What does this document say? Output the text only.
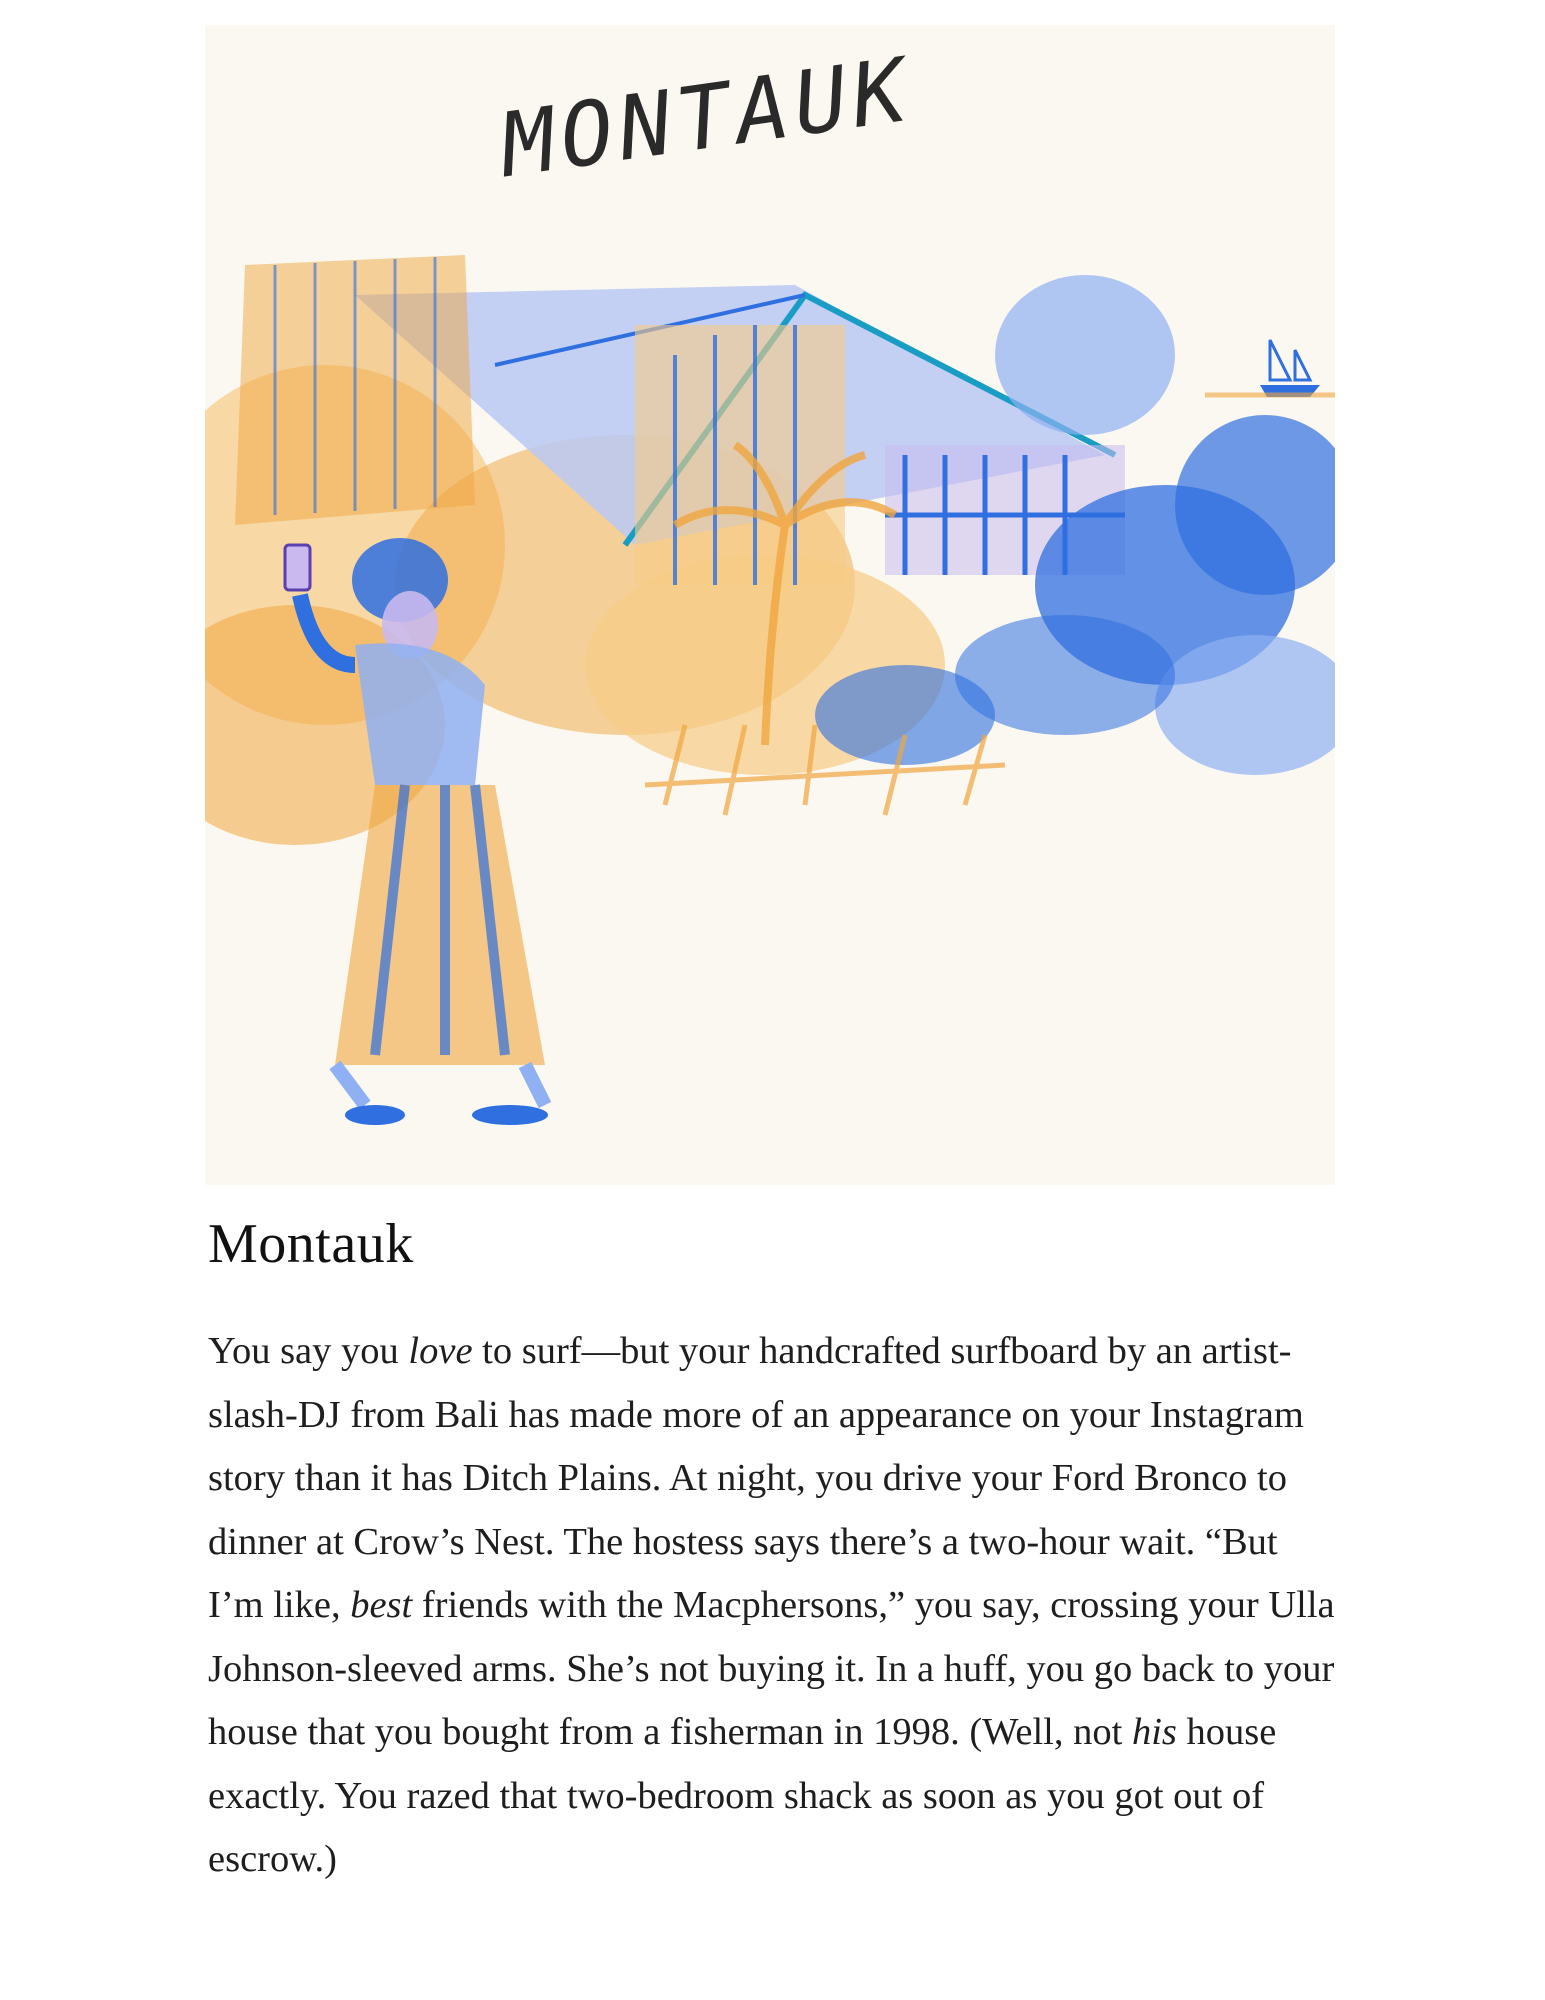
MONTAUK
Montauk

You say you love to surf—but your handcrafted surfboard by an artist-slash-DJ from Bali has made more of an appearance on your Instagram story than it has Ditch Plains. At night, you drive your Ford Bronco to dinner at Crow’s Nest. The hostess says there’s a two-hour wait. “But I’m like, best friends with the Macphersons,” you say, crossing your Ulla Johnson-sleeved arms. She’s not buying it. In a huff, you go back to your house that you bought from a fisherman in 1998. (Well, not his house exactly. You razed that two-bedroom shack as soon as you got out of escrow.)
